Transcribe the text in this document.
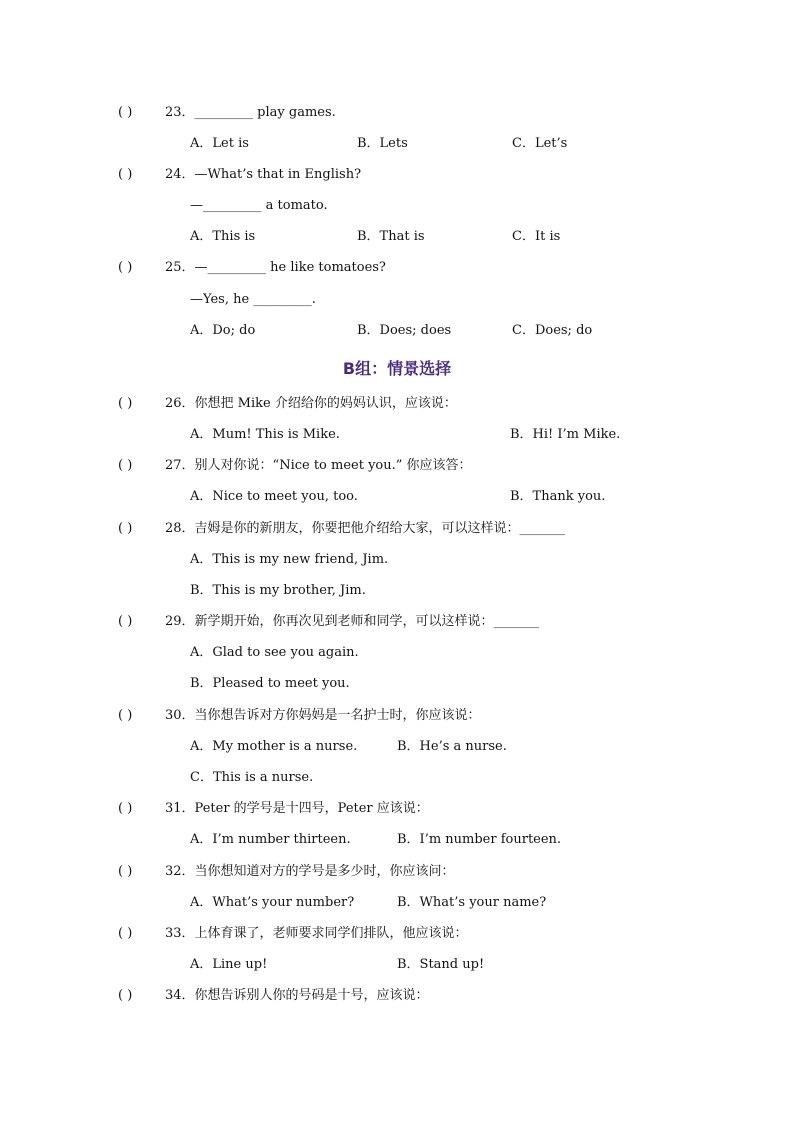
( )	23．_________ play games.
A．Let is	B．Lets	C．Let’s
( )	24．—What’s that in English?
—_________ a tomato.
A．This is	B．That is	C．It is
( )	25．—_________ he like tomatoes?
—Yes, he _________.
A．Do; do	B．Does; does	C．Does; do
B组：情景选择
( )	26．你想把 Mike 介绍给你的妈妈认识，应该说：
A．Mum! This is Mike.	B．Hi! I’m Mike.
( )	27．别人对你说：“Nice to meet you.” 你应该答：
A．Nice to meet you, too.	B．Thank you.
( )	28．吉姆是你的新朋友，你要把他介绍给大家，可以这样说：_______
A．This is my new friend, Jim.
B．This is my brother, Jim.
( )	29．新学期开始，你再次见到老师和同学，可以这样说：_______
A．Glad to see you again.
B．Pleased to meet you.
( )	30．当你想告诉对方你妈妈是一名护士时，你应该说：
A．My mother is a nurse.	B．He’s a nurse.
C．This is a nurse.
( )	31．Peter 的学号是十四号，Peter 应该说：
A．I’m number thirteen.	B．I’m number fourteen.
( )	32．当你想知道对方的学号是多少时，你应该问：
A．What’s your number?	B．What’s your name?
( )	33．上体育课了，老师要求同学们排队，他应该说：
A．Line up!	B．Stand up!
( )	34．你想告诉别人你的号码是十号，应该说：
